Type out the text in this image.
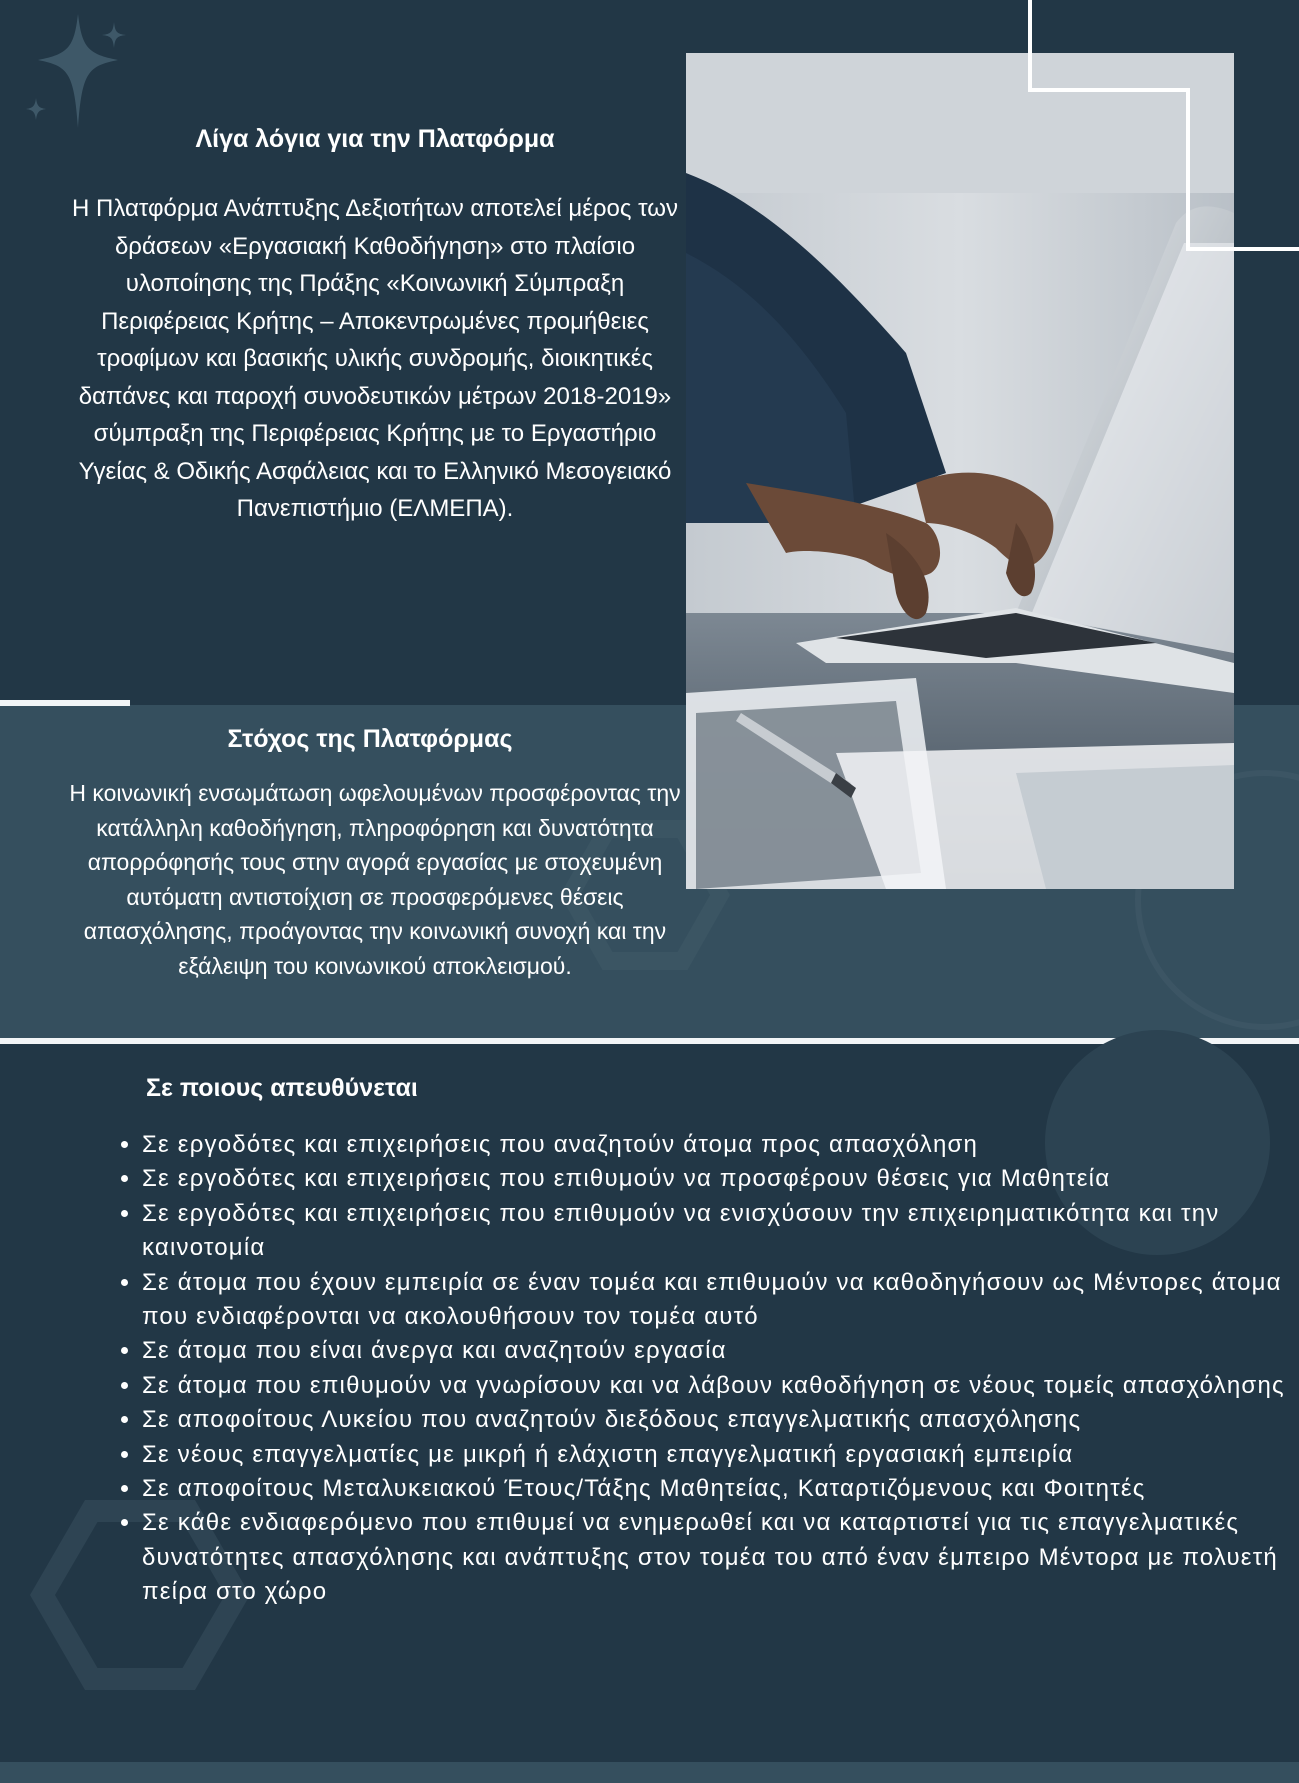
Λίγα λόγια για την Πλατφόρμα

Η Πλατφόρμα Ανάπτυξης Δεξιοτήτων αποτελεί μέρος των δράσεων «Εργασιακή Καθοδήγηση» στο πλαίσιο υλοποίησης της Πράξης «Κοινωνική Σύμπραξη Περιφέρειας Κρήτης – Αποκεντρωμένες προμήθειες τροφίμων και βασικής υλικής συνδρομής, διοικητικές δαπάνες και παροχή συνοδευτικών μέτρων 2018-2019» σύμπραξη της Περιφέρειας Κρήτης με το Εργαστήριο Υγείας & Οδικής Ασφάλειας και το Ελληνικό Μεσογειακό Πανεπιστήμιο (ΕΛΜΕΠΑ).

Στόχος της Πλατφόρμας

Η κοινωνική ενσωμάτωση ωφελουμένων προσφέροντας την κατάλληλη καθοδήγηση, πληροφόρηση και δυνατότητα απορρόφησής τους στην αγορά εργασίας με στοχευμένη αυτόματη αντιστοίχιση σε προσφερόμενες θέσεις απασχόλησης, προάγοντας την κοινωνική συνοχή και την εξάλειψη του κοινωνικού αποκλεισμού.

Σε ποιους απευθύνεται
• Σε εργοδότες και επιχειρήσεις που αναζητούν άτομα προς απασχόληση
• Σε εργοδότες και επιχειρήσεις που επιθυμούν να προσφέρουν θέσεις για Μαθητεία
• Σε εργοδότες και επιχειρήσεις που επιθυμούν να ενισχύσουν την επιχειρηματικότητα και την καινοτομία
• Σε άτομα που έχουν εμπειρία σε έναν τομέα και επιθυμούν να καθοδηγήσουν ως Μέντορες άτομα που ενδιαφέρονται να ακολουθήσουν τον τομέα αυτό
• Σε άτομα που είναι άνεργα και αναζητούν εργασία
• Σε άτομα που επιθυμούν να γνωρίσουν και να λάβουν καθοδήγηση σε νέους τομείς απασχόλησης
• Σε αποφοίτους Λυκείου που αναζητούν διεξόδους επαγγελματικής απασχόλησης
• Σε νέους επαγγελματίες με μικρή ή ελάχιστη επαγγελματική εργασιακή εμπειρία
• Σε αποφοίτους Μεταλυκειακού Έτους/Τάξης Μαθητείας, Καταρτιζόμενους και Φοιτητές
• Σε κάθε ενδιαφερόμενο που επιθυμεί να ενημερωθεί και να καταρτιστεί για τις επαγγελματικές δυνατότητες απασχόλησης και ανάπτυξης στον τομέα του από έναν έμπειρο Μέντορα με πολυετή πείρα στο χώρο
